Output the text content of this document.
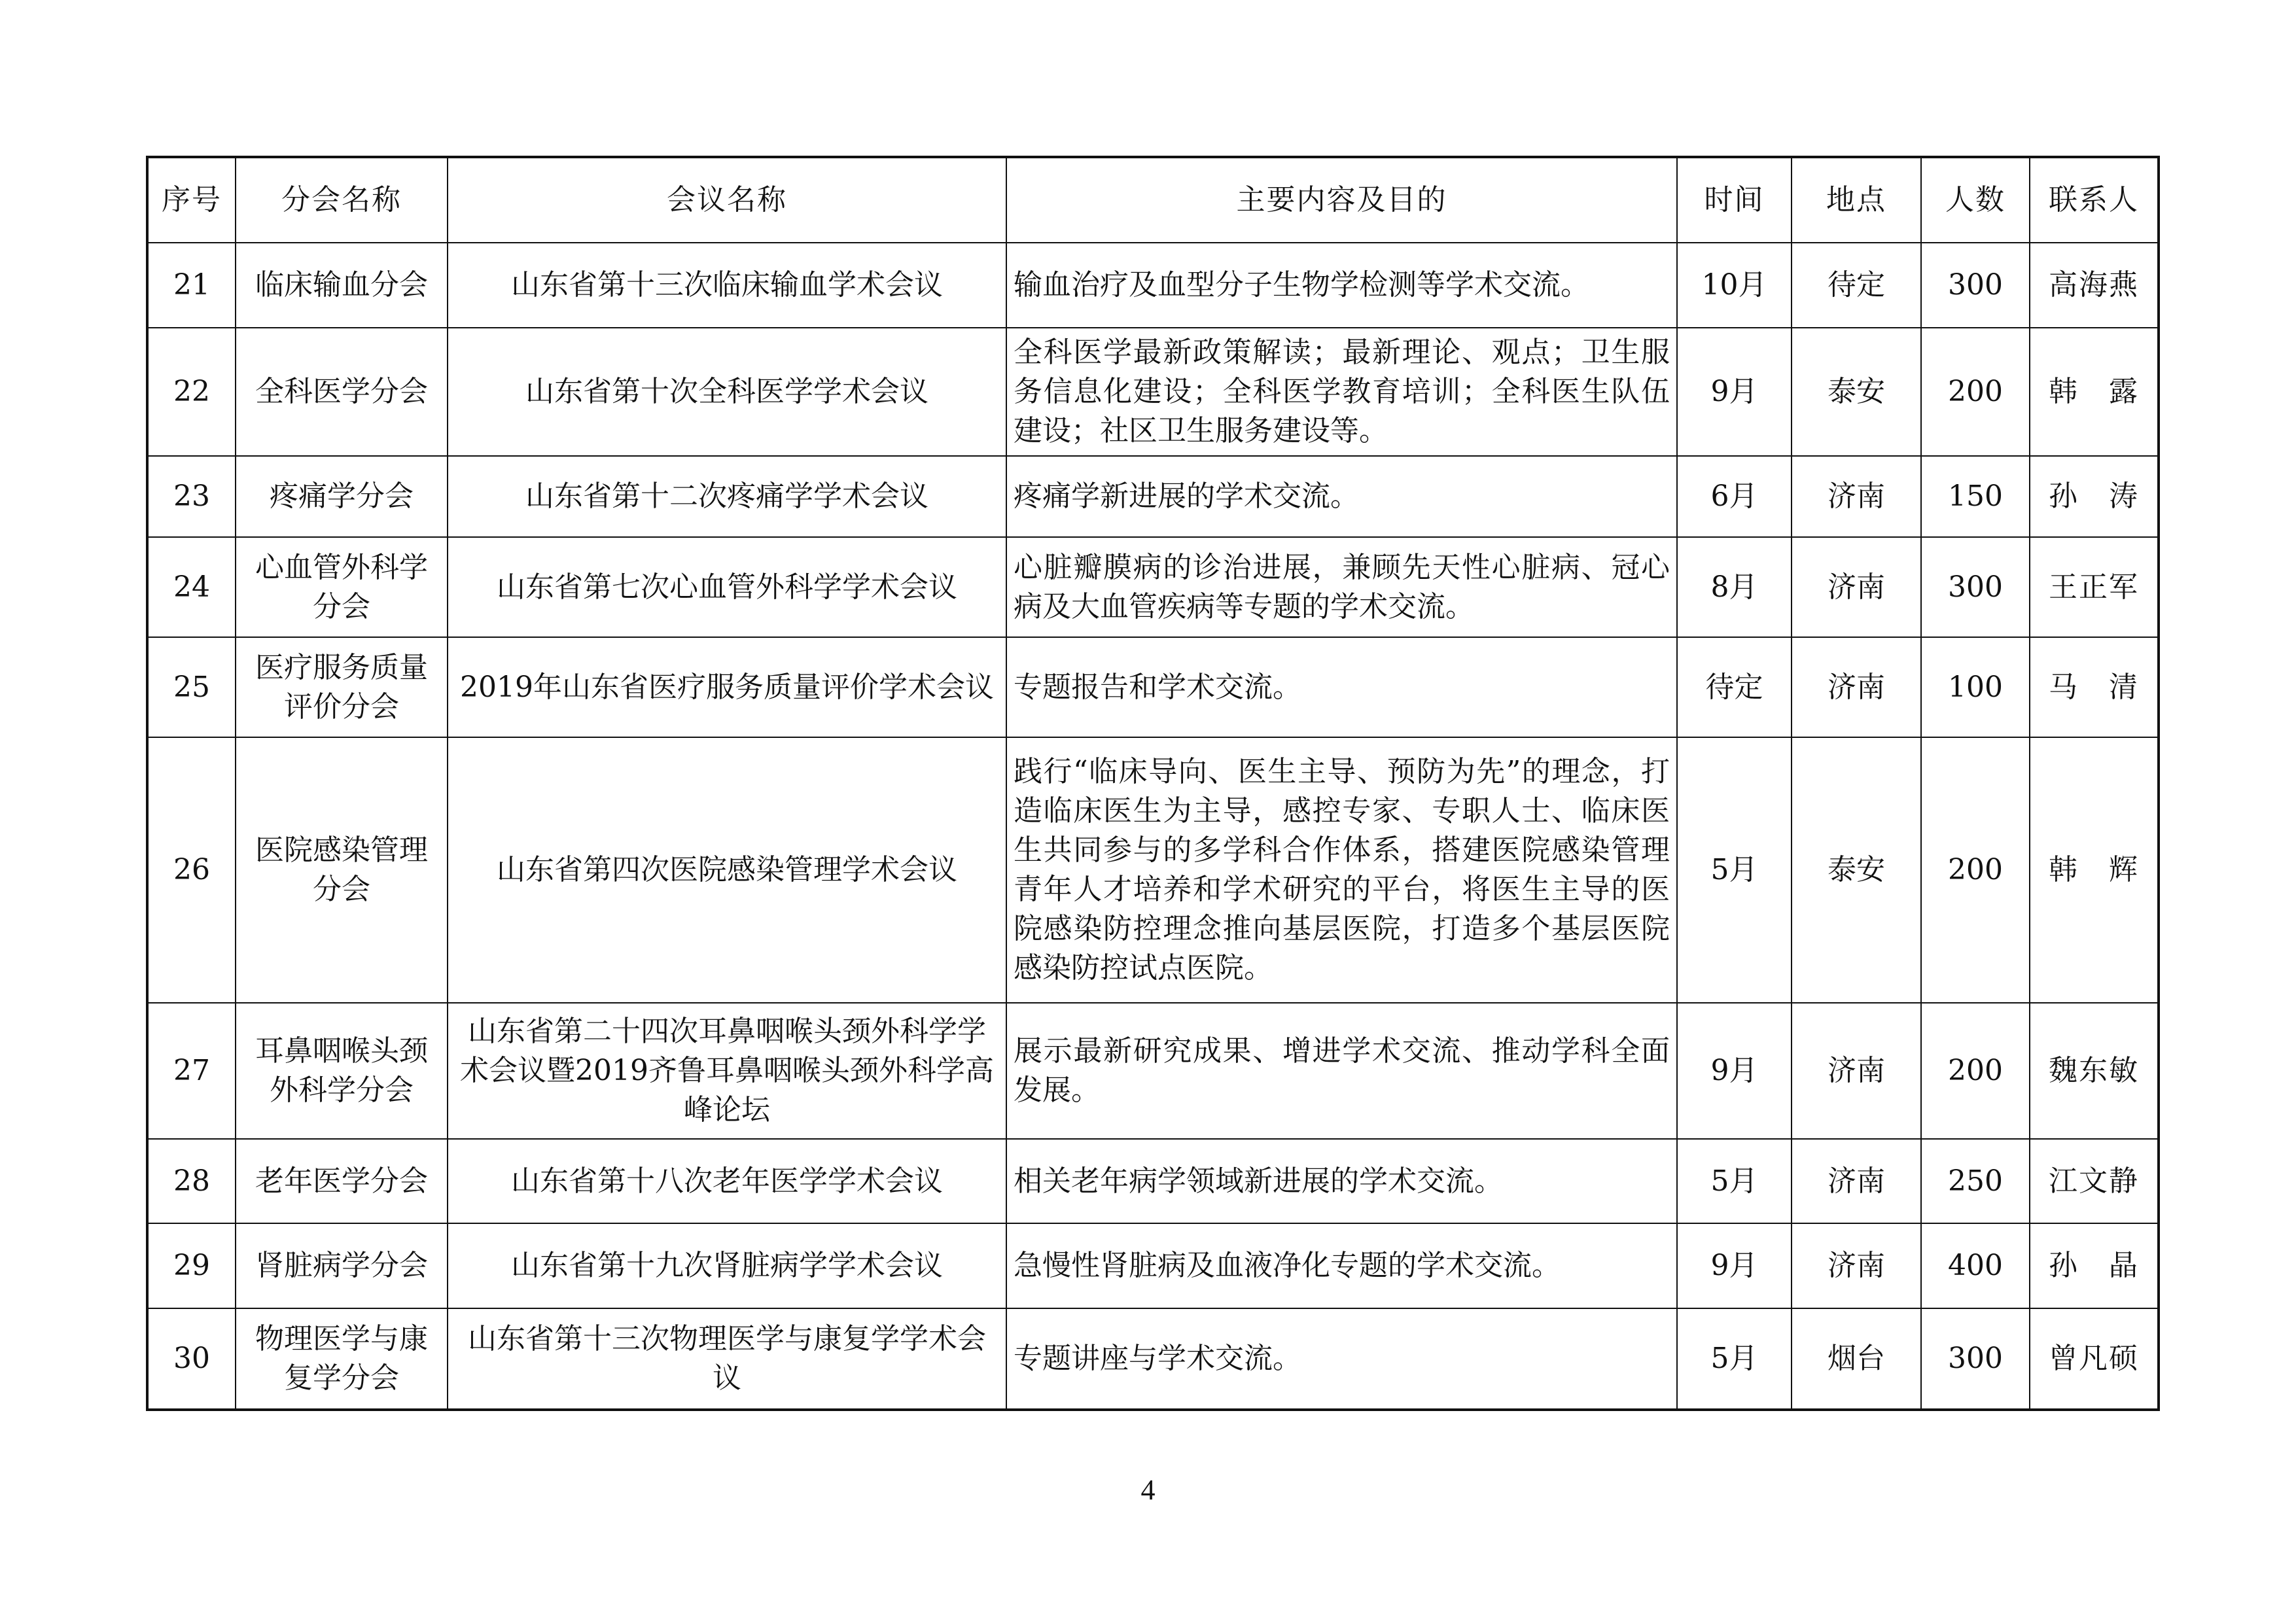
序号	分会名称	会议名称	主要内容及目的	时间	地点	人数	联系人
21	临床输血分会	山东省第十三次临床输血学术会议	输血治疗及血型分子生物学检测等学术交流。	10月	待定	300	高海燕
22	全科医学分会	山东省第十次全科医学学术会议	全科医学最新政策解读；最新理论、观点；卫生服务信息化建设；全科医学教育培训；全科医生队伍建设；社区卫生服务建设等。	9月	泰安	200	韩　露
23	疼痛学分会	山东省第十二次疼痛学学术会议	疼痛学新进展的学术交流。	6月	济南	150	孙　涛
24	心血管外科学分会	山东省第七次心血管外科学学术会议	心脏瓣膜病的诊治进展，兼顾先天性心脏病、冠心病及大血管疾病等专题的学术交流。	8月	济南	300	王正军
25	医疗服务质量评价分会	2019年山东省医疗服务质量评价学术会议	专题报告和学术交流。	待定	济南	100	马　清
26	医院感染管理分会	山东省第四次医院感染管理学术会议	践行“临床导向、医生主导、预防为先”的理念，打造临床医生为主导，感控专家、专职人士、临床医生共同参与的多学科合作体系，搭建医院感染管理青年人才培养和学术研究的平台，将医生主导的医院感染防控理念推向基层医院，打造多个基层医院感染防控试点医院。	5月	泰安	200	韩　辉
27	耳鼻咽喉头颈外科学分会	山东省第二十四次耳鼻咽喉头颈外科学学术会议暨2019齐鲁耳鼻咽喉头颈外科学高峰论坛	展示最新研究成果、增进学术交流、推动学科全面发展。	9月	济南	200	魏东敏
28	老年医学分会	山东省第十八次老年医学学术会议	相关老年病学领域新进展的学术交流。	5月	济南	250	江文静
29	肾脏病学分会	山东省第十九次肾脏病学学术会议	急慢性肾脏病及血液净化专题的学术交流。	9月	济南	400	孙　晶
30	物理医学与康复学分会	山东省第十三次物理医学与康复学学术会议	专题讲座与学术交流。	5月	烟台	300	曾凡硕
4
